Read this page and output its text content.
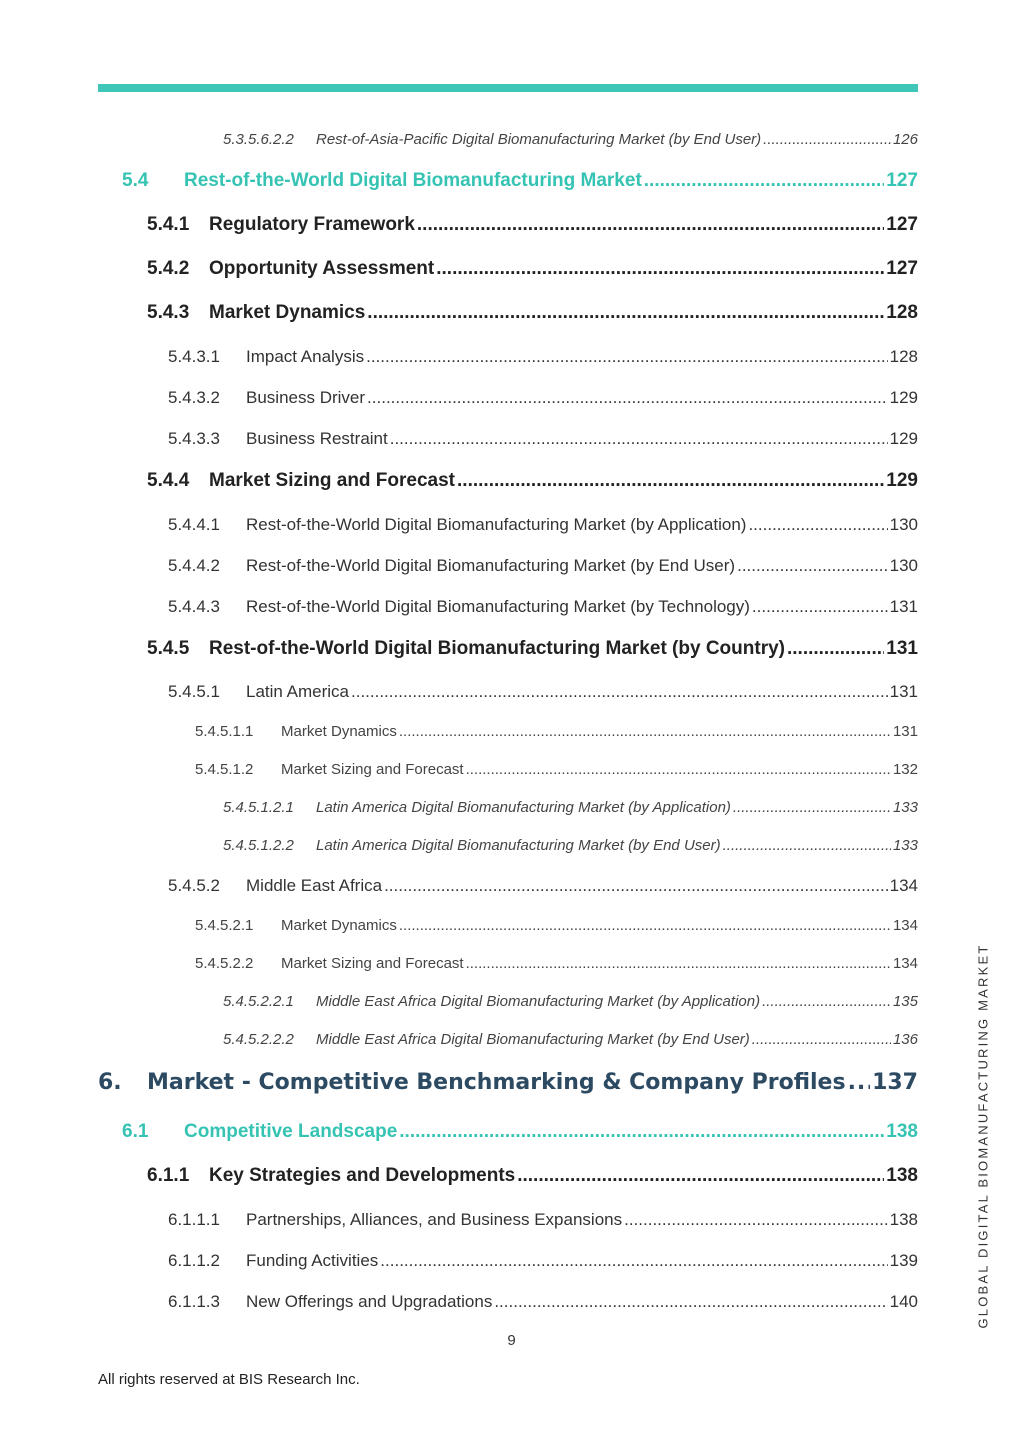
5.3.5.6.2.2	Rest-of-Asia-Pacific Digital Biomanufacturing Market (by End User) .....	126
5.4	Rest-of-the-World Digital Biomanufacturing Market .....	127
5.4.1	Regulatory Framework .....	127
5.4.2	Opportunity Assessment .....	127
5.4.3	Market Dynamics .....	128
5.4.3.1	Impact Analysis .....	128
5.4.3.2	Business Driver .....	129
5.4.3.3	Business Restraint .....	129
5.4.4	Market Sizing and Forecast .....	129
5.4.4.1	Rest-of-the-World Digital Biomanufacturing Market (by Application) .....	130
5.4.4.2	Rest-of-the-World Digital Biomanufacturing Market (by End User) .....	130
5.4.4.3	Rest-of-the-World Digital Biomanufacturing Market (by Technology) .....	131
5.4.5	Rest-of-the-World Digital Biomanufacturing Market (by Country) .....	131
5.4.5.1	Latin America .....	131
5.4.5.1.1	Market Dynamics .....	131
5.4.5.1.2	Market Sizing and Forecast .....	132
5.4.5.1.2.1	Latin America Digital Biomanufacturing Market (by Application) .....	133
5.4.5.1.2.2	Latin America Digital Biomanufacturing Market (by End User) .....	133
5.4.5.2	Middle East Africa .....	134
5.4.5.2.1	Market Dynamics .....	134
5.4.5.2.2	Market Sizing and Forecast .....	134
5.4.5.2.2.1	Middle East Africa Digital Biomanufacturing Market (by Application) .....	135
5.4.5.2.2.2	Middle East Africa Digital Biomanufacturing Market (by End User) .....	136
6.	Market - Competitive Benchmarking & Company Profiles ..... 137
6.1	Competitive Landscape .....	138
6.1.1	Key Strategies and Developments .....	138
6.1.1.1	Partnerships, Alliances, and Business Expansions .....	138
6.1.1.2	Funding Activities .....	139
6.1.1.3	New Offerings and Upgradations .....	140
9
All rights reserved at BIS Research Inc.
GLOBAL DIGITAL BIOMANUFACTURING MARKET
